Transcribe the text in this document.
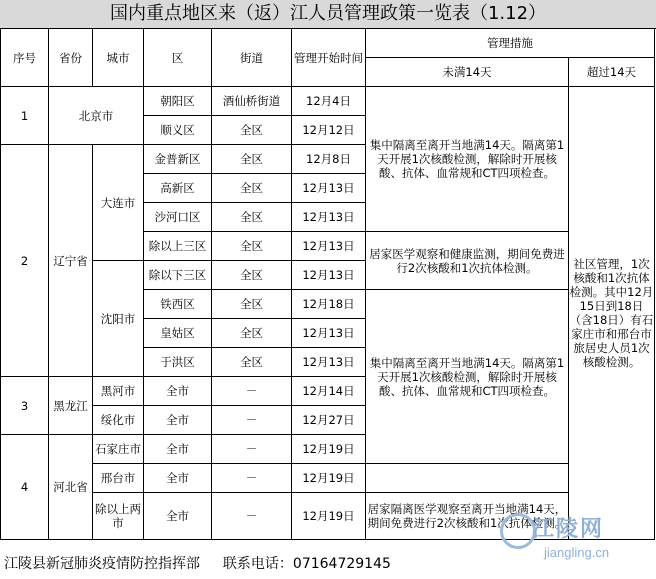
国内重点地区来（返）江人员管理政策一览表（1.12）
序号	省份	城市	区	街道	管理开始时间	管理措施	
						未满14天	超过14天
1	北京市		朝阳区	酒仙桥街道	12月4日	集中隔离至离开当地满14天。隔离第1天开展1次核酸检测，解除时开展核酸、抗体、血常规和CT四项检查。	社区管理，1次核酸和1次抗体检测。其中12月15日到18日（含18日）有石家庄市和邢台市旅居史人员1次核酸检测。
			顺义区	全区	12月12日		
2	辽宁省	大连市	金普新区	全区	12月8日		
			高新区	全区	12月13日		
			沙河口区	全区	12月13日		
			除以上三区	全区	12月13日	居家医学观察和健康监测，期间免费进行2次核酸和1次抗体检测。	
		沈阳市	除以下三区	全区	12月13日		
			铁西区	全区	12月18日	集中隔离至离开当地满14天。隔离第1天开展1次核酸检测，解除时开展核酸、抗体、血常规和CT四项检查。	
			皇姑区	全区	12月13日		
			于洪区	全区	12月13日		
3	黑龙江	黑河市	全市	－	12月14日		
		绥化市	全市	－	12月27日		
4	河北省	石家庄市	全市	－	12月19日		
		邢台市	全市	－	12月19日		
		除以上两市	全市	－	12月19日	居家隔离医学观察至离开当地满14天，期间免费进行2次核酸和1次抗体检测。	
江陵县新冠肺炎疫情防控指挥部 联系电话：07164729145
江陵网
jiangling.cn
